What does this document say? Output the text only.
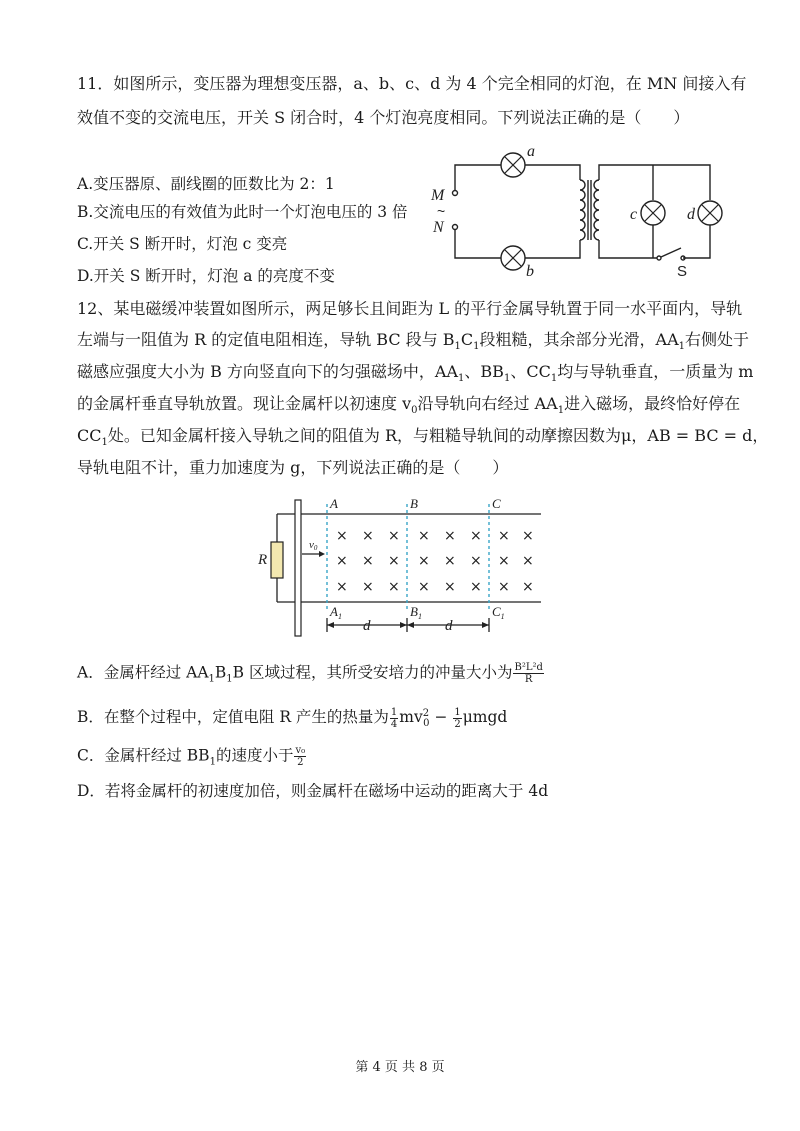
11．如图所示，变压器为理想变压器，a、b、c、d 为 4 个完全相同的灯泡，在 MN 间接入有
效值不变的交流电压，开关 S 闭合时，4 个灯泡亮度相同。下列说法正确的是（　　）
A.变压器原、副线圈的匝数比为 2：1
B.交流电压的有效值为此时一个灯泡电压的 3 倍
C.开关 S 断开时，灯泡 c 变亮
D.开关 S 断开时，灯泡 a 的亮度不变
a
b
c	d
M
N
S
~
12、某电磁缓冲装置如图所示，两足够长且间距为 L 的平行金属导轨置于同一水平面内，导轨
左端与一阻值为 R 的定值电阻相连，导轨 BC 段与 $B_1C_1$段粗糙，其余部分光滑，$AA_1$右侧处于
磁感应强度大小为 B 方向竖直向下的匀强磁场中，$AA_1$、$BB_1$、$CC_1$均与导轨垂直，一质量为 m
的金属杆垂直导轨放置。现让金属杆以初速度 $v_0$沿导轨向右经过 $AA_1$进入磁场，最终恰好停在
$CC_1$处。已知金属杆接入导轨之间的阻值为 R，与粗糙导轨间的动摩擦因数为μ，AB = BC = d，
导轨电阻不计，重力加速度为 g，下列说法正确的是（　　）
× × × × × × × ×
× × × × × × × ×
× × × × × × × ×
A	B	C
$A_1$	$B_1$	$C_1$
R
v0
d	d
A．金属杆经过 $AA_1B_1B$ 区域过程，其所受安培力的冲量大小为 $\frac{\text{B²L²d}}{R}$
B．在整个过程中，定值电阻 R 产生的热量为 $\frac{1}{4} mv^2_0 - \frac{1}{2}$ μmgd
C．金属杆经过 $BB_1$的速度小于 $\frac{\text{v₀}}{2}$
D．若将金属杆的初速度加倍，则金属杆在磁场中运动的距离大于 4d
第 4 页 共 8 页
